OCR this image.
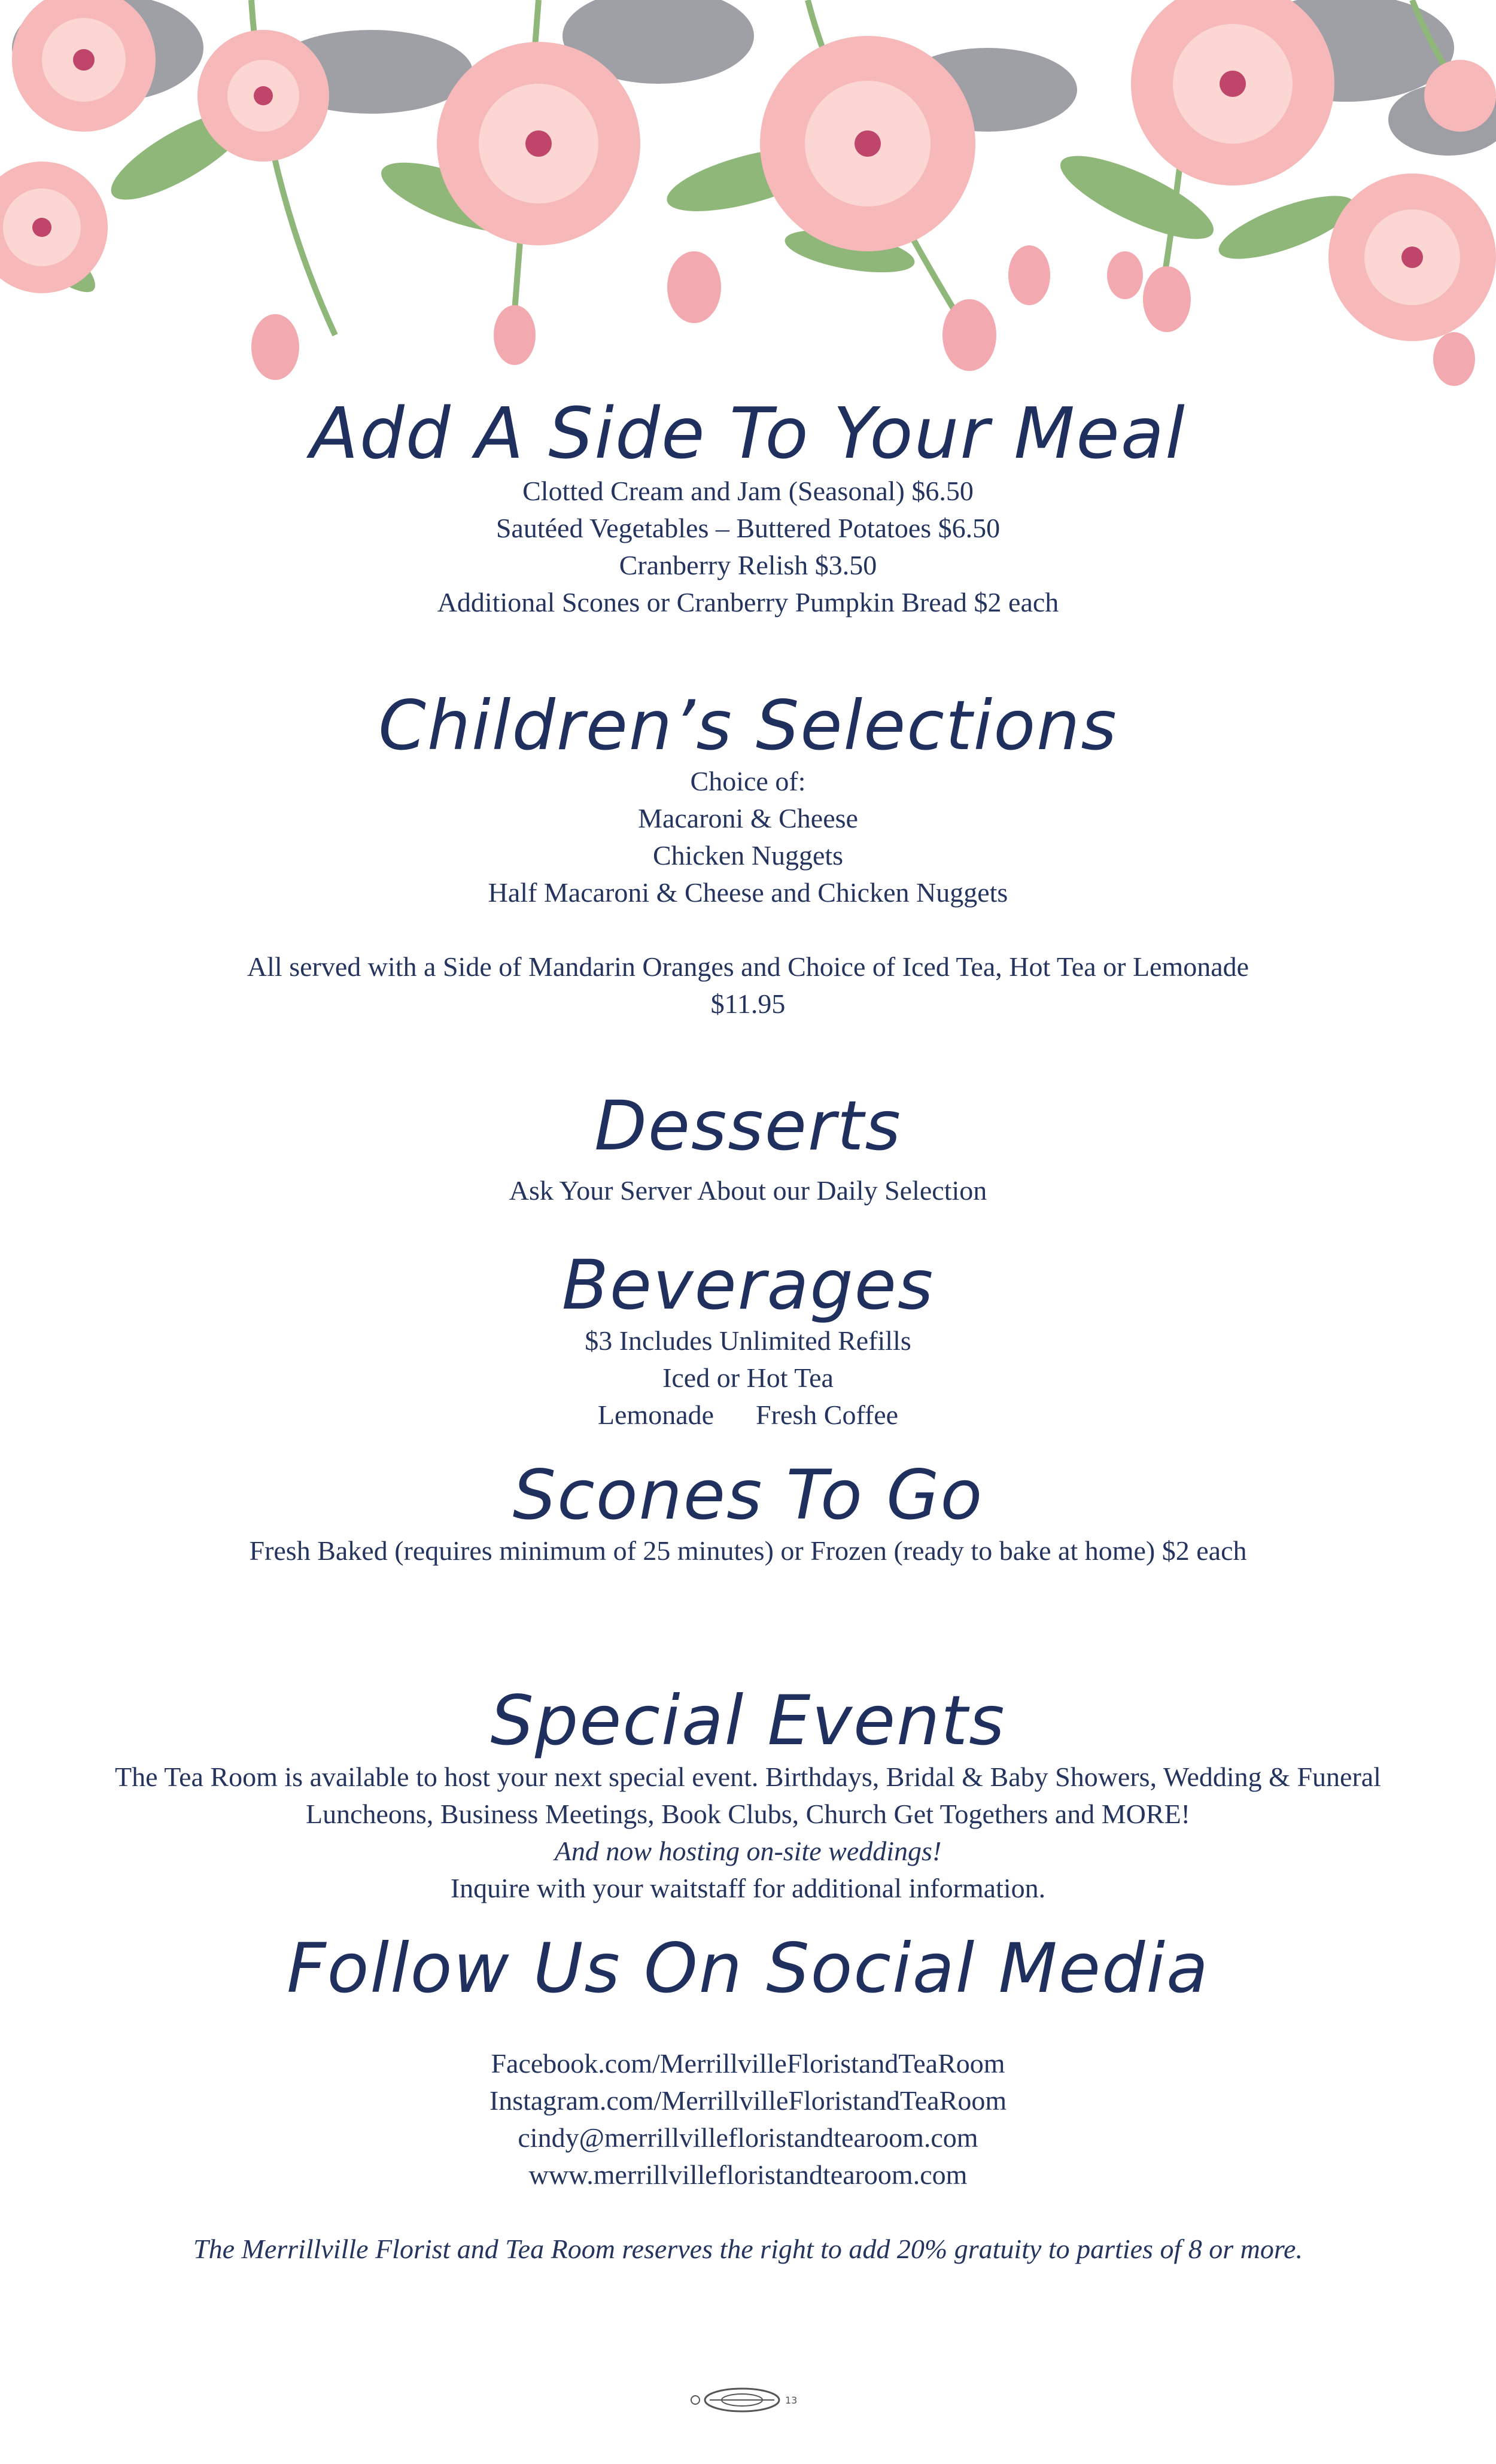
Add A Side To Your Meal

Clotted Cream and Jam (Seasonal) $6.50

Sautéed Vegetables – Buttered Potatoes $6.50

Cranberry Relish $3.50

Additional Scones or Cranberry Pumpkin Bread $2 each

Children’s Selections

Choice of:

Macaroni & Cheese

Chicken Nuggets

Half Macaroni & Cheese and Chicken Nuggets

All served with a Side of Mandarin Oranges and Choice of Iced Tea, Hot Tea or Lemonade

$11.95

Desserts

Ask Your Server About our Daily Selection

Beverages

$3 Includes Unlimited Refills

Iced or Hot Tea

Lemonade Fresh Coffee

Scones To Go

Fresh Baked (requires minimum of 25 minutes) or Frozen (ready to bake at home) $2 each

Special Events

The Tea Room is available to host your next special event. Birthdays, Bridal & Baby Showers, Wedding & Funeral

Luncheons, Business Meetings, Book Clubs, Church Get Togethers and MORE!

And now hosting on-site weddings!

Inquire with your waitstaff for additional information.

Follow Us On Social Media

Facebook.com/MerrillvilleFloristandTeaRoom

Instagram.com/MerrillvilleFloristandTeaRoom

cindy@merrillvillefloristandtearoom.com

www.merrillvillefloristandtearoom.com

The Merrillville Florist and Tea Room reserves the right to add 20% gratuity to parties of 8 or more.

13
